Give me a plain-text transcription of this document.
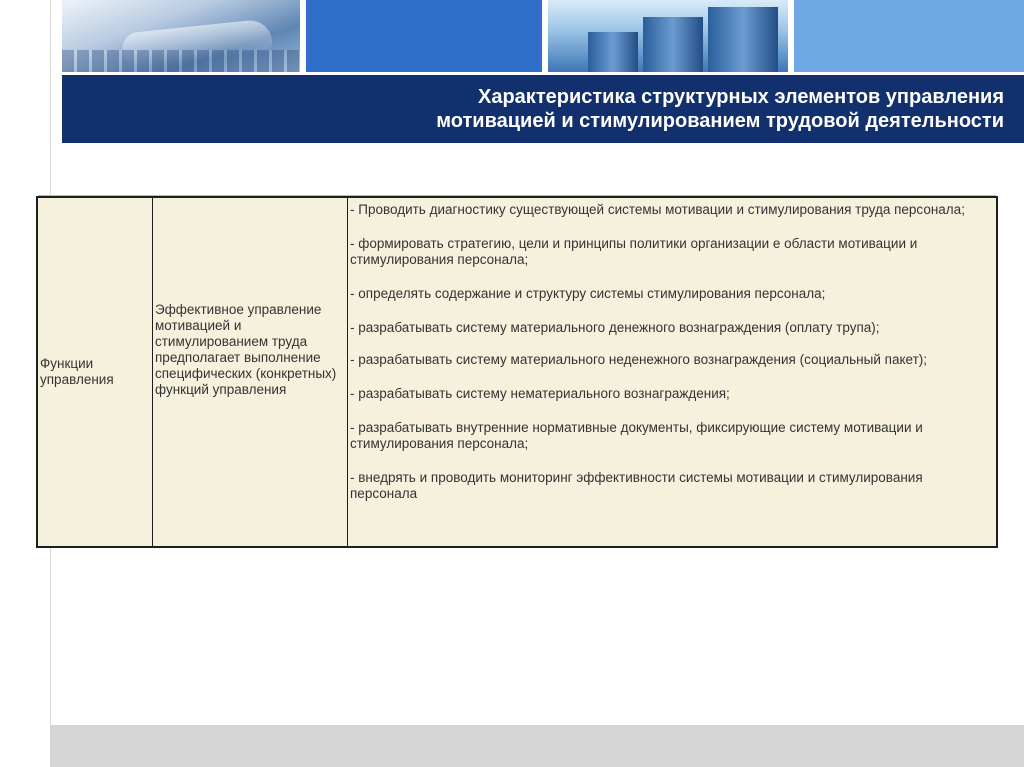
Характеристика структурных элементов управления
мотивацией и стимулированием трудовой деятельности
Функции управления
Эффективное управление мотивацией и стимулированием труда предполагает выполнение специфических (конкретных) функций управления
- Проводить диагностику существующей системы мотивации и стимулирования труда персонала;
- формировать стратегию, цели и принципы политики организации е области мотивации и стимулирования персонала;
- определять содержание и структуру системы стимулирования персонала;
- разрабатывать систему материального денежного вознаграждения (оплату трупа);
- разрабатывать систему материального неденежного вознаграждения (социальный пакет);
- разрабатывать систему нематериального вознаграждения;
- разрабатывать внутренние нормативные документы, фиксирующие систему мотивации и стимулирования персонала;
- внедрять и проводить мониторинг эффективности системы мотивации и стимулирования персонала
